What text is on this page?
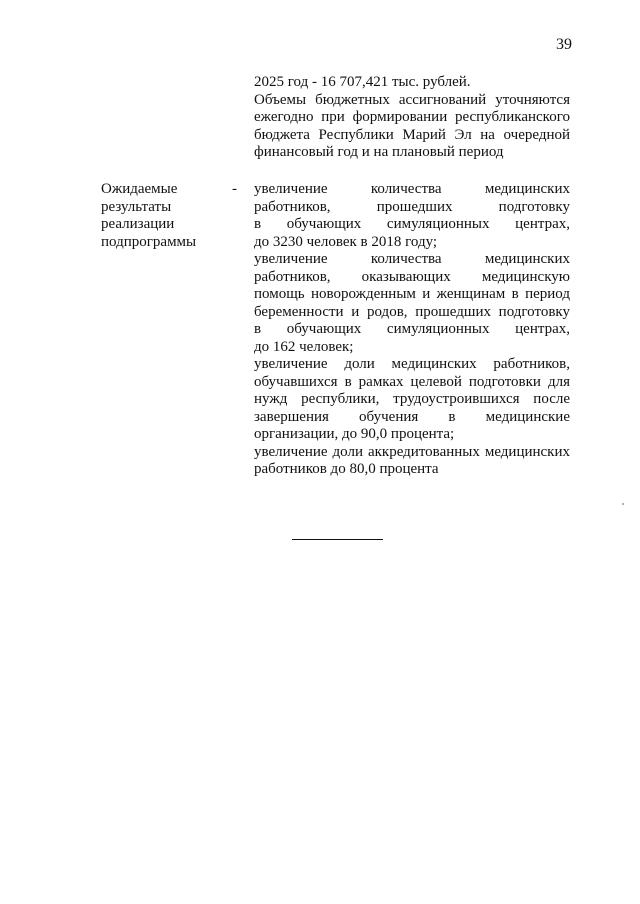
39
2025 год - 16 707,421 тыс. рублей.
Объемы бюджетных ассигнований уточняются
ежегодно при формировании республиканского
бюджета Республики Марий Эл на очередной
финансовый год и на плановый период
Ожидаемые
результаты
реализации
подпрограммы
- увеличение количества медицинских
работников, прошедших подготовку
в обучающих симуляционных центрах,
до 3230 человек в 2018 году;
увеличение количества медицинских
работников, оказывающих медицинскую
помощь новорожденным и женщинам в период
беременности и родов, прошедших подготовку
в обучающих симуляционных центрах,
до 162 человек;
увеличение доли медицинских работников,
обучавшихся в рамках целевой подготовки для
нужд республики, трудоустроившихся после
завершения обучения в медицинские
организации, до 90,0 процента;
увеличение доли аккредитованных медицинских
работников до 80,0 процента
